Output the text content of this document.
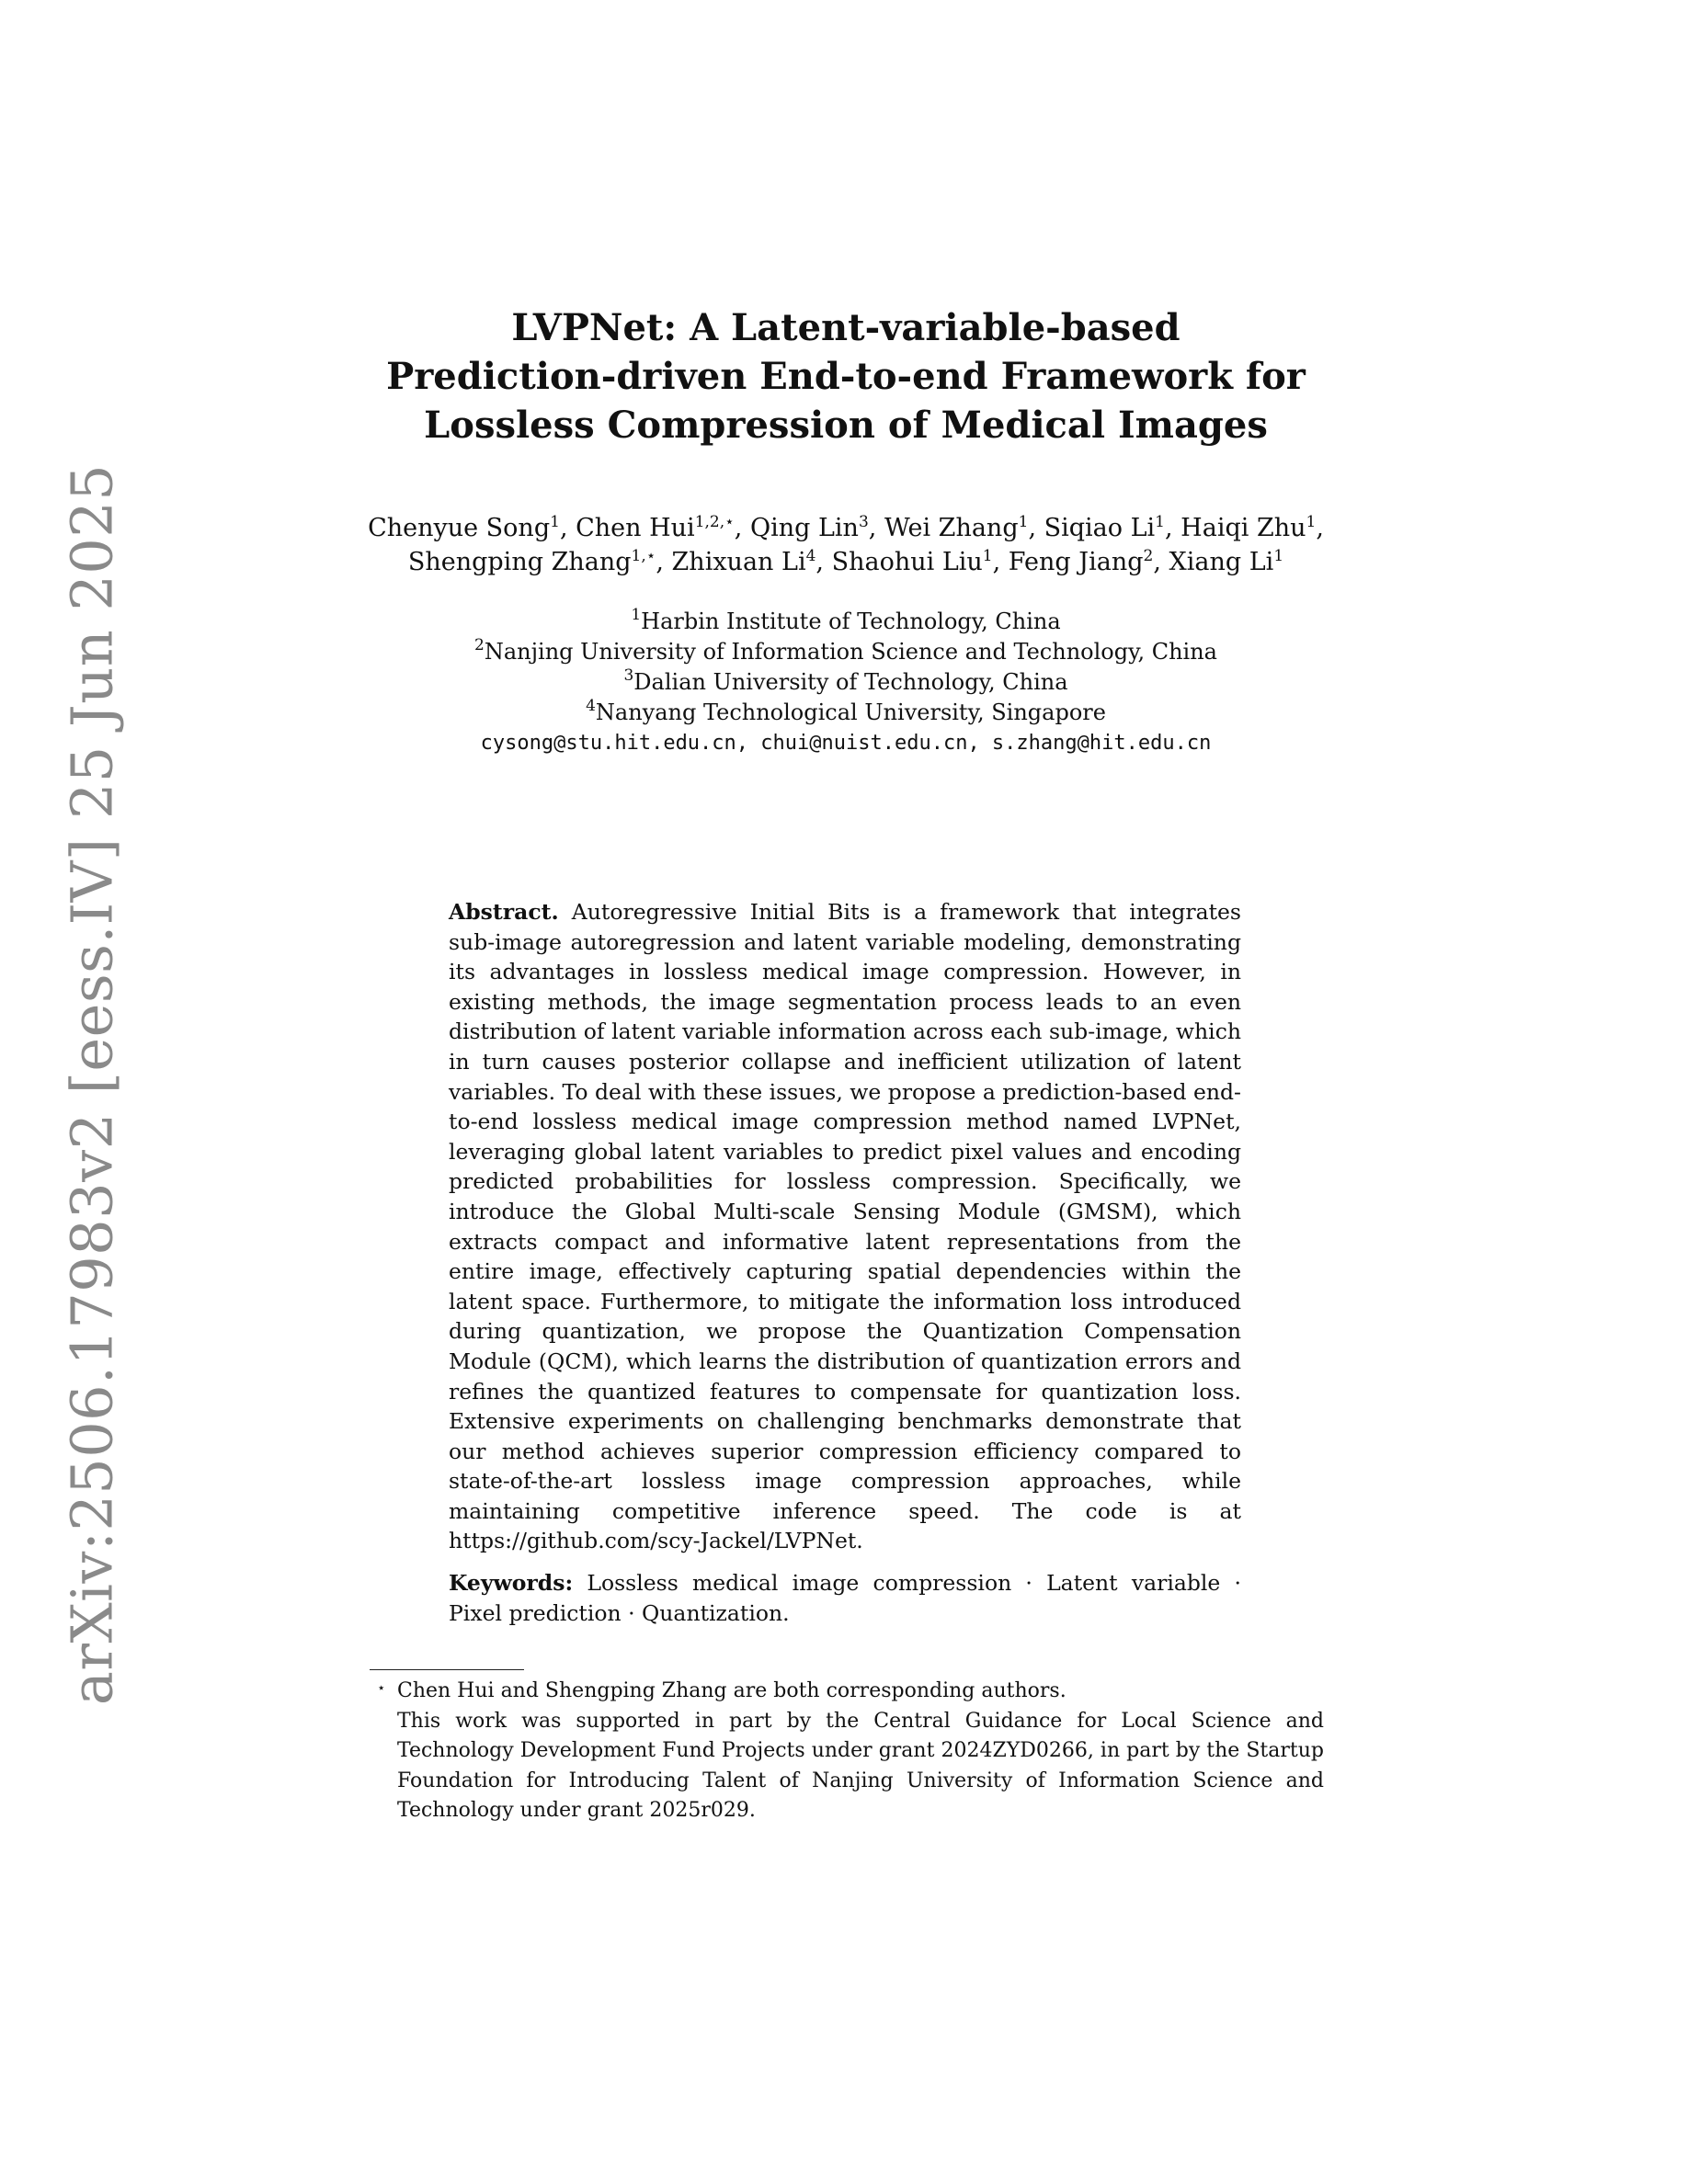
arXiv:2506.17983v2 [eess.IV] 25 Jun 2025
LVPNet: A Latent-variable-based
Prediction-driven End-to-end Framework for
Lossless Compression of Medical Images
Chenyue Song$^1$, Chen Hui$^{1,2,⋆}$, Qing Lin$^3$, Wei Zhang$^1$, Siqiao Li$^1$, Haiqi Zhu$^1$,
Shengping Zhang$^{1,⋆}$, Zhixuan Li$^4$, Shaohui Liu$^1$, Feng Jiang$^2$, Xiang Li$^1$
$^1$Harbin Institute of Technology, China
$^2$Nanjing University of Information Science and Technology, China
$^3$Dalian University of Technology, China
$^4$Nanyang Technological University, Singapore
cysong@stu.hit.edu.cn, chui@nuist.edu.cn, s.zhang@hit.edu.cn
Abstract. Autoregressive Initial Bits is a framework that integrates sub-image autoregression and latent variable modeling, demonstrating its advantages in lossless medical image compression. However, in existing methods, the image segmentation process leads to an even distribution of latent variable information across each sub-image, which in turn causes posterior collapse and inefficient utilization of latent variables. To deal with these issues, we propose a prediction-based end-to-end lossless medical image compression method named LVPNet, leveraging global latent variables to predict pixel values and encoding predicted probabilities for lossless compression. Specifically, we introduce the Global Multi-scale Sensing Module (GMSM), which extracts compact and informative latent representations from the entire image, effectively capturing spatial dependencies within the latent space. Furthermore, to mitigate the information loss introduced during quantization, we propose the Quantization Compensation Module (QCM), which learns the distribution of quantization errors and refines the quantized features to compensate for quantization loss. Extensive experiments on challenging benchmarks demonstrate that our method achieves superior compression efficiency compared to state-of-the-art lossless image compression approaches, while maintaining competitive inference speed. The code is at https://github.com/scy-Jackel/LVPNet.
Keywords: Lossless medical image compression · Latent variable · Pixel prediction · Quantization.
⋆ Chen Hui and Shengping Zhang are both corresponding authors.

This work was supported in part by the Central Guidance for Local Science and Technology Development Fund Projects under grant 2024ZYD0266, in part by the Startup Foundation for Introducing Talent of Nanjing University of Information Science and Technology under grant 2025r029.
